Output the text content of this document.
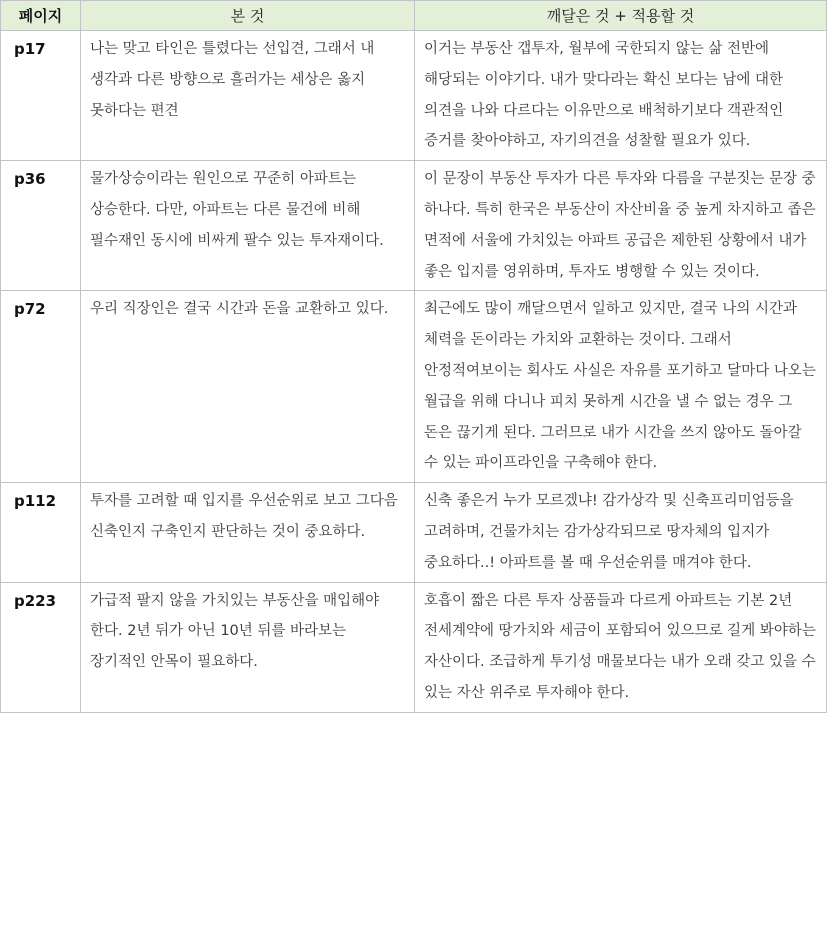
페이지	본 것	깨달은 것 + 적용할 것
p17	나는 맞고 타인은 틀렸다는 선입견, 그래서 내 생각과 다른 방향으로 흘러가는 세상은 옳지 못하다는 편견	이거는 부동산 갭투자, 월부에 국한되지 않는 삶 전반에 해당되는 이야기다. 내가 맞다라는 확신 보다는 남에 대한 의견을 나와 다르다는 이유만으로 배척하기보다 객관적인 증거를 찾아야하고, 자기의견을 성찰할 필요가 있다.
p36	물가상승이라는 원인으로 꾸준히 아파트는 상승한다. 다만, 아파트는 다른 물건에 비해 필수재인 동시에 비싸게 팔수 있는 투자재이다.	이 문장이 부동산 투자가 다른 투자와 다름을 구분짓는 문장 중 하나다. 특히 한국은 부동산이 자산비율 중 높게 차지하고 좁은 면적에 서울에 가치있는 아파트 공급은 제한된 상황에서 내가 좋은 입지를 영위하며, 투자도 병행할 수 있는 것이다.
p72	우리 직장인은 결국 시간과 돈을 교환하고 있다.	최근에도 많이 깨달으면서 일하고 있지만, 결국 나의 시간과 체력을 돈이라는 가치와 교환하는 것이다. 그래서 안정적여보이는 회사도 사실은 자유를 포기하고 달마다 나오는 월급을 위해 다니나 피치 못하게 시간을 낼 수 없는 경우 그 돈은 끊기게 된다. 그러므로 내가 시간을 쓰지 않아도 돌아갈 수 있는 파이프라인을 구축해야 한다.
p112	투자를 고려할 때 입지를 우선순위로 보고 그다음 신축인지 구축인지 판단하는 것이 중요하다.	신축 좋은거 누가 모르겠냐! 감가상각 및 신축프리미엄등을 고려하며, 건물가치는 감가상각되므로 땅자체의 입지가 중요하다..! 아파트를 볼 때 우선순위를 매겨야 한다.
p223	가급적 팔지 않을 가치있는 부동산을 매입해야 한다. 2년 뒤가 아닌 10년 뒤를 바라보는 장기적인 안목이 필요하다.	호흡이 짧은 다른 투자 상품들과 다르게 아파트는 기본 2년 전세계약에 땅가치와 세금이 포함되어 있으므로 길게 봐야하는 자산이다. 조급하게 투기성 매물보다는 내가 오래 갖고 있을 수 있는 자산 위주로 투자해야 한다.
